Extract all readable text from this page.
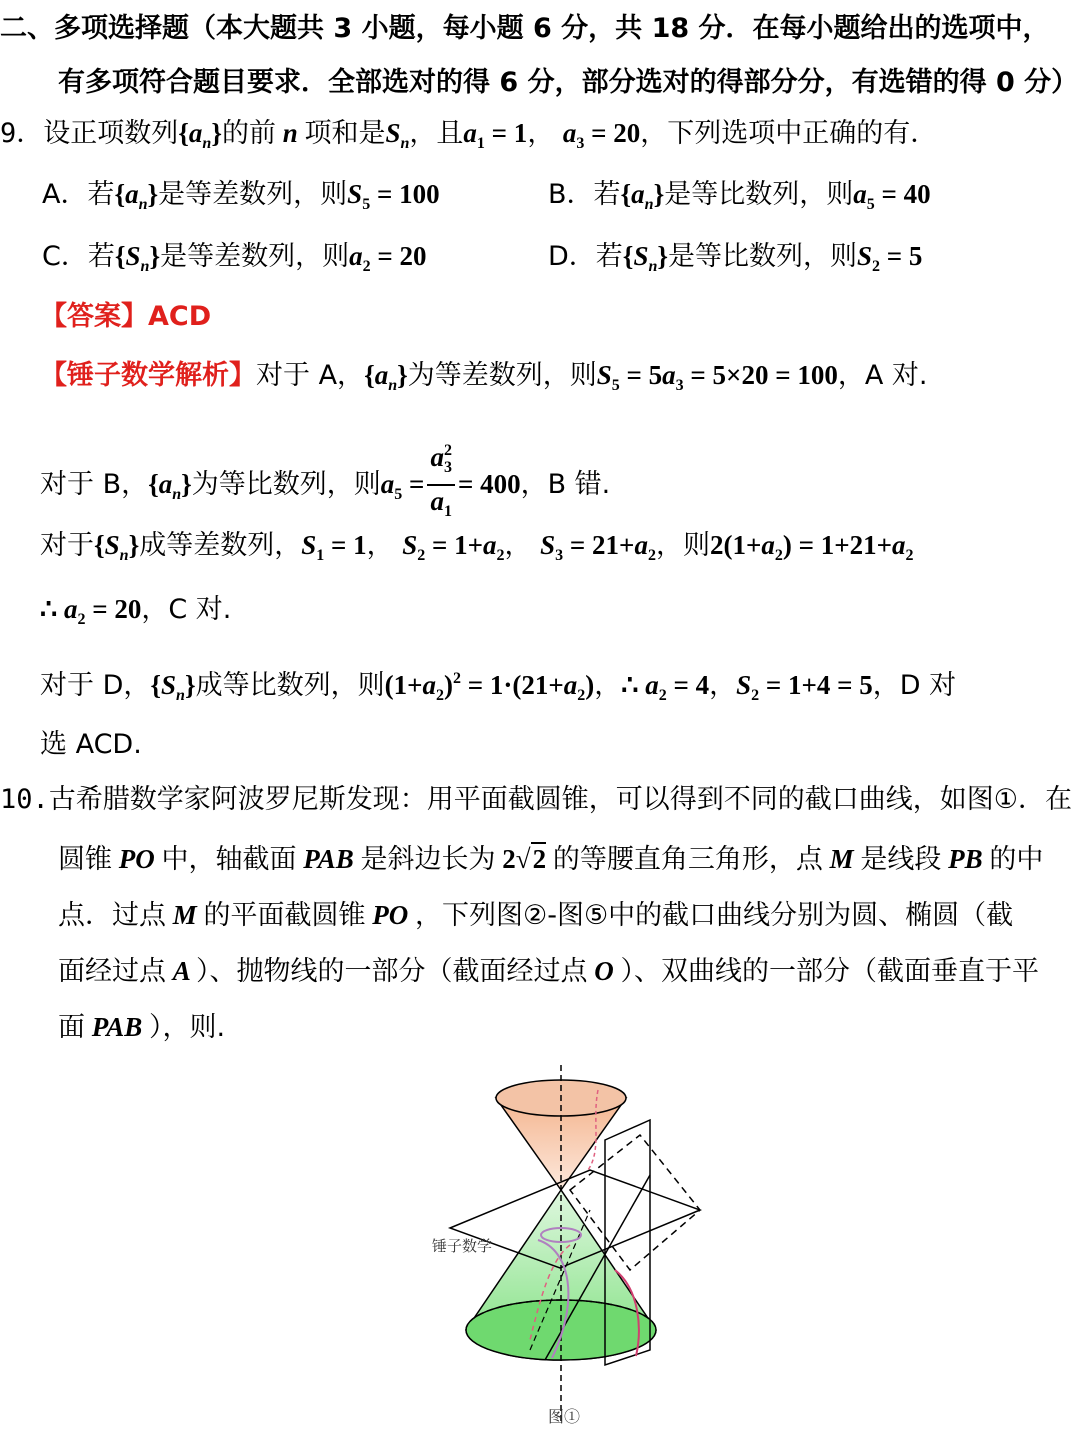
二、多项选择题（本大题共 3 小题，每小题 6 分，共 18 分．在每小题给出的选项中，
有多项符合题目要求．全部选对的得 6 分，部分选对的得部分分，有选错的得 0 分）
9．设正项数列$\{a_n\}$的前 n 项和是$S_n$，且$a_1 = 1$， $a_3 = 20$，下列选项中正确的有．
A．若$\{a_n\}$是等差数列，则$S_5 = 100$	B．若$\{a_n\}$是等比数列，则$a_5 = 40$
C．若$\{S_n\}$是等差数列，则$a_2 = 20$	D．若$\{S_n\}$是等比数列，则$S_2 = 5$
【答案】ACD
【锤子数学解析】对于 A，$\{a_n\}$为等差数列，则$S_5 = 5a_3 = 5\times 20 = 100$，A 对.
对于 B，$\{a_n\}$为等比数列，则$a_5 = \frac{a_3^2}{a_1} = 400$，B 错.
对于$\{S_n\}$成等差数列，$S_1 = 1$， $S_2 = 1+a_2$， $S_3 = 21+a_2$，则$2(1+a_2) = 1+21+a_2$
∴ $a_2 = 20$，C 对.
对于 D，$\{S_n\}$成等比数列，则$(1+a_2)^2 = 1\cdot(21+a_2)$，∴ $a_2 = 4$，$S_2 = 1+4 = 5$，D 对
选 ACD.
10.古希腊数学家阿波罗尼斯发现：用平面截圆锥，可以得到不同的截口曲线，如图①．在
圆锥 PO 中，轴截面 PAB 是斜边长为 2√2 的等腰直角三角形，点 M 是线段 PB 的中
点．过点 M 的平面截圆锥 PO ，下列图②-图⑤中的截口曲线分别为圆、椭圆（截
面经过点 A ）、抛物线的一部分（截面经过点 O ）、双曲线的一部分（截面垂直于平
面 PAB ），则.
锤子数学
图①
